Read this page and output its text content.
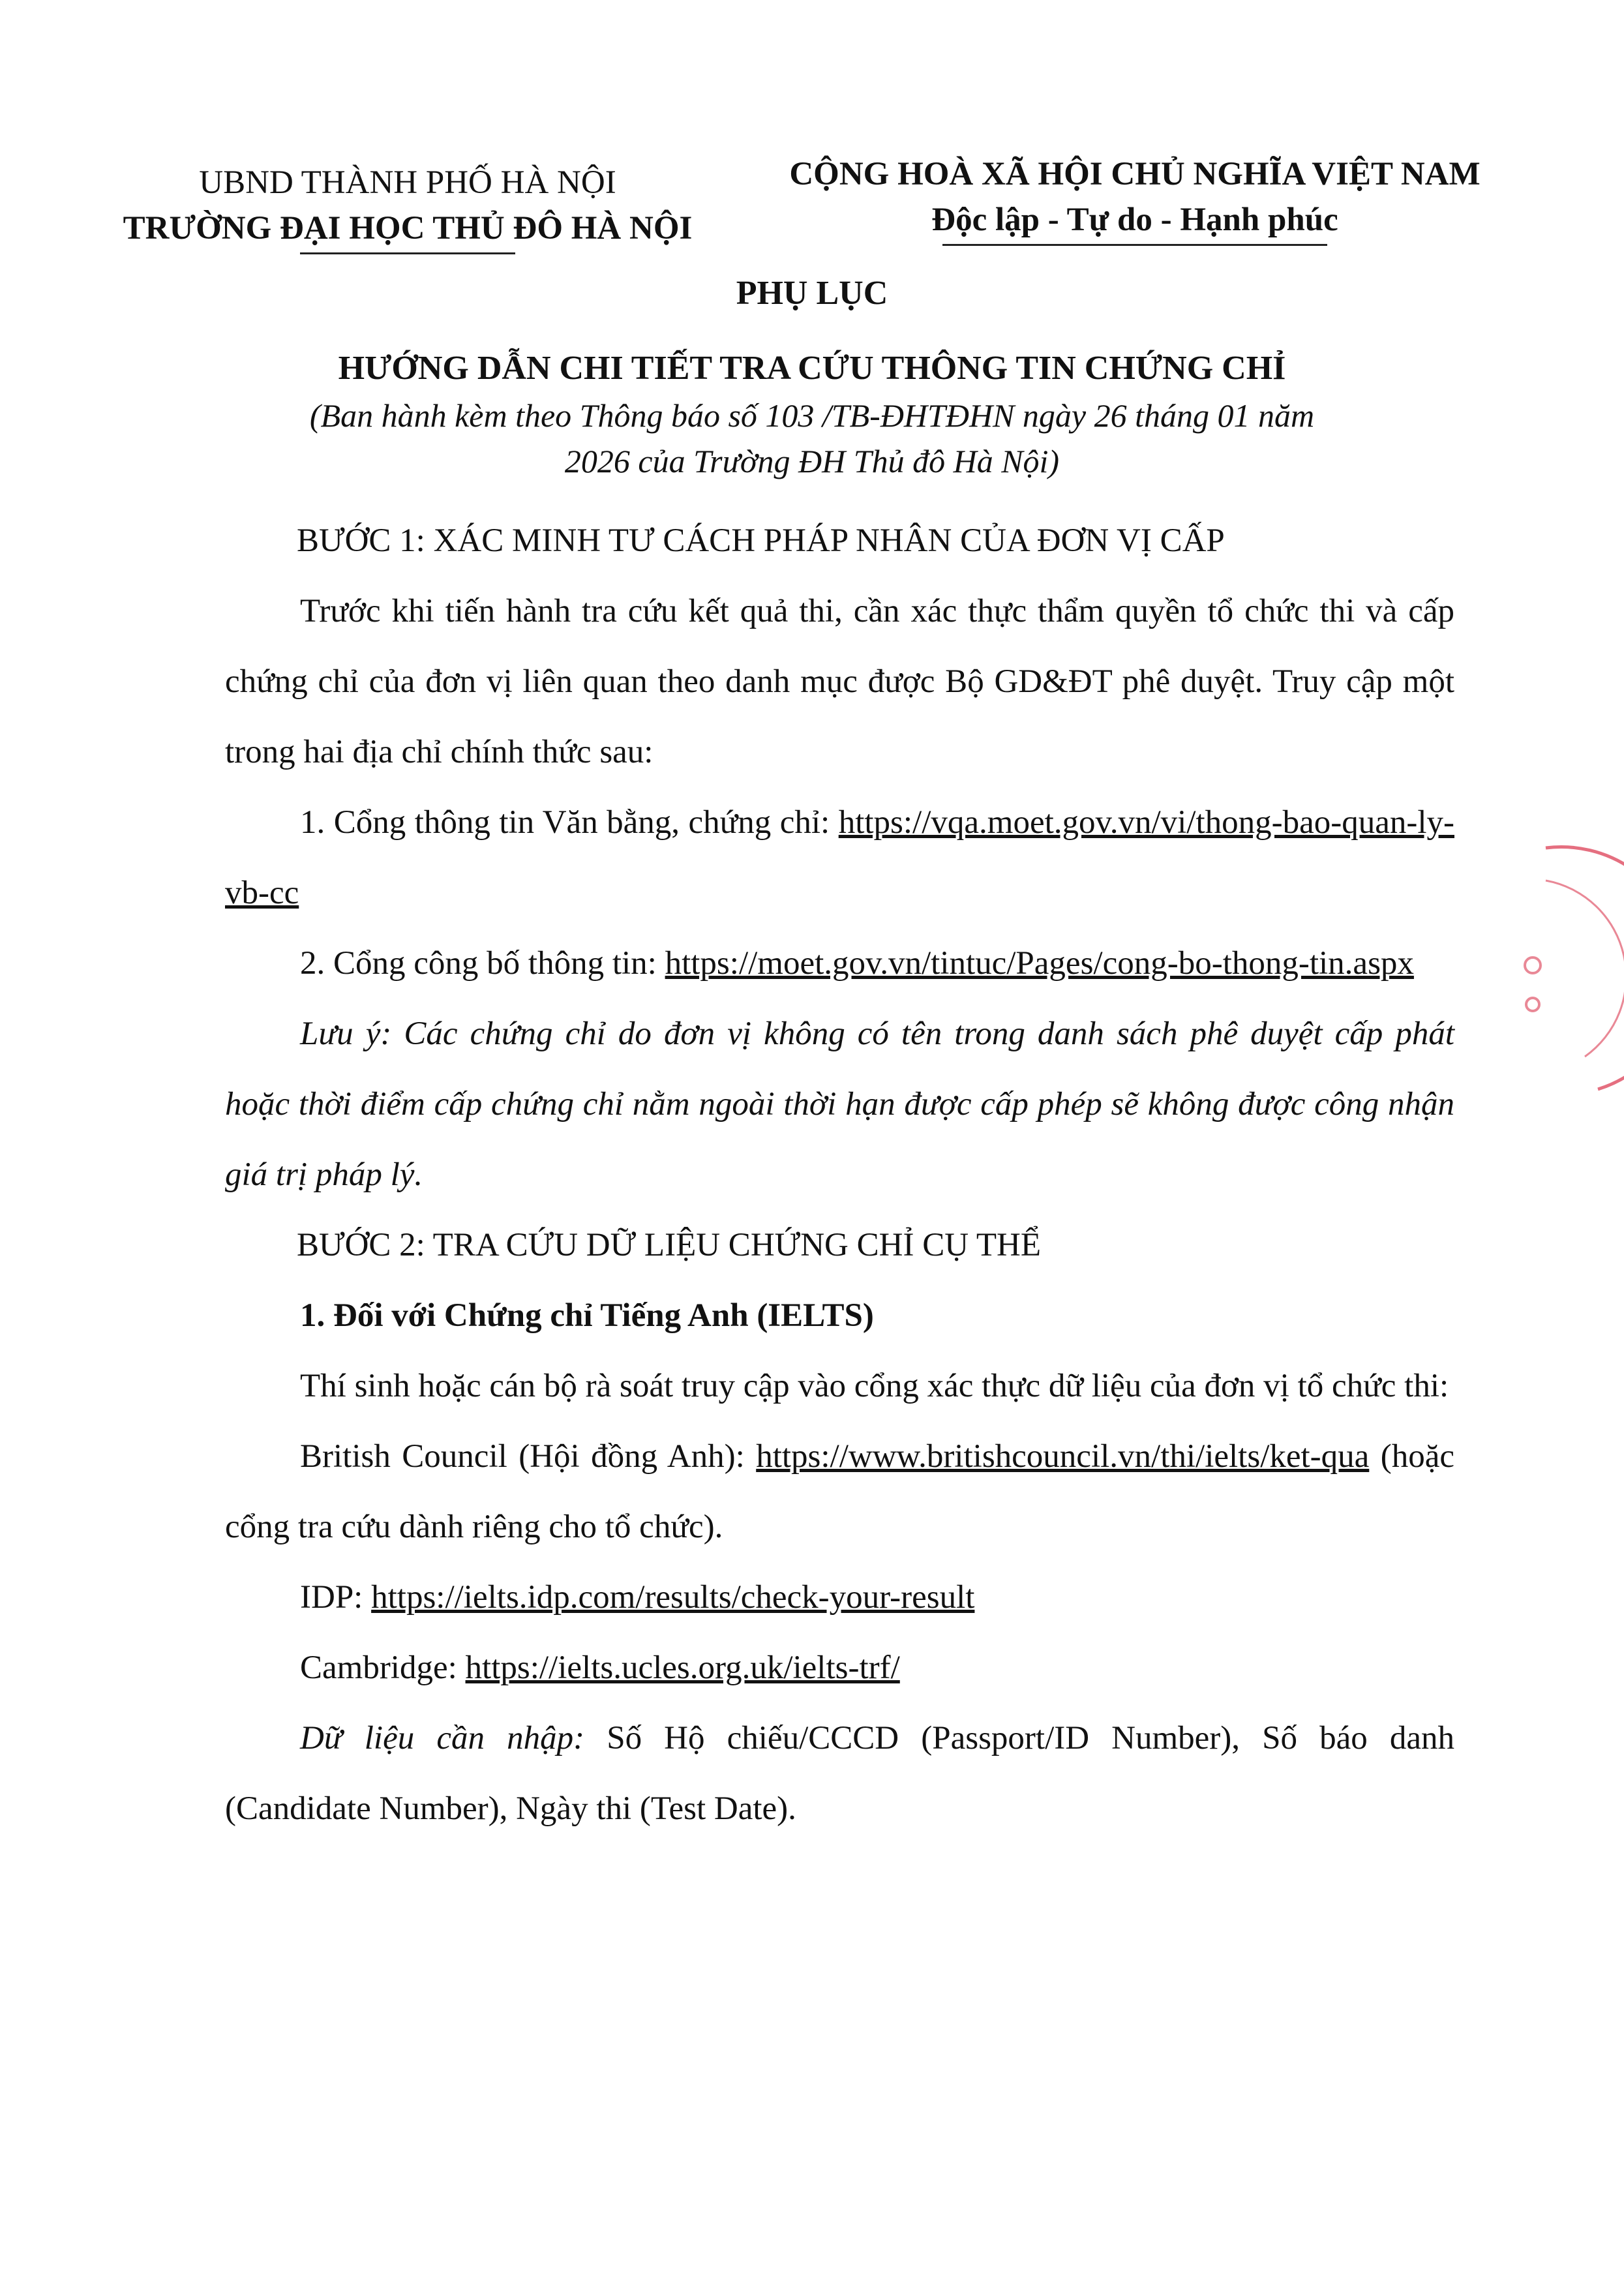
UBND THÀNH PHỐ HÀ NỘI
TRƯỜNG ĐẠI HỌC THỦ ĐÔ HÀ NỘI
CỘNG HOÀ XÃ HỘI CHỦ NGHĨA VIỆT NAM
Độc lập - Tự do - Hạnh phúc
PHỤ LỤC
HƯỚNG DẪN CHI TIẾT TRA CỨU THÔNG TIN CHỨNG CHỈ
(Ban hành kèm theo Thông báo số 103 /TB-ĐHTĐHN ngày 26 tháng 01 năm
2026 của Trường ĐH Thủ đô Hà Nội)

BƯỚC 1: XÁC MINH TƯ CÁCH PHÁP NHÂN CỦA ĐƠN VỊ CẤP

Trước khi tiến hành tra cứu kết quả thi, cần xác thực thẩm quyền tổ chức thi và cấp chứng chỉ của đơn vị liên quan theo danh mục được Bộ GD&ĐT phê duyệt. Truy cập một trong hai địa chỉ chính thức sau:

1. Cổng thông tin Văn bằng, chứng chỉ: https://vqa.moet.gov.vn/vi/thong-bao-quan-ly-vb-cc

2. Cổng công bố thông tin: https://moet.gov.vn/tintuc/Pages/cong-bo-thong-tin.aspx

Lưu ý: Các chứng chỉ do đơn vị không có tên trong danh sách phê duyệt cấp phát hoặc thời điểm cấp chứng chỉ nằm ngoài thời hạn được cấp phép sẽ không được công nhận giá trị pháp lý.

BƯỚC 2: TRA CỨU DỮ LIỆU CHỨNG CHỈ CỤ THỂ

1. Đối với Chứng chỉ Tiếng Anh (IELTS)

Thí sinh hoặc cán bộ rà soát truy cập vào cổng xác thực dữ liệu của đơn vị tổ chức thi:

British Council (Hội đồng Anh): https://www.britishcouncil.vn/thi/ielts/ket-qua (hoặc cổng tra cứu dành riêng cho tổ chức).

IDP: https://ielts.idp.com/results/check-your-result

Cambridge: https://ielts.ucles.org.uk/ielts-trf/

Dữ liệu cần nhập: Số Hộ chiếu/CCCD (Passport/ID Number), Số báo danh (Candidate Number), Ngày thi (Test Date).
